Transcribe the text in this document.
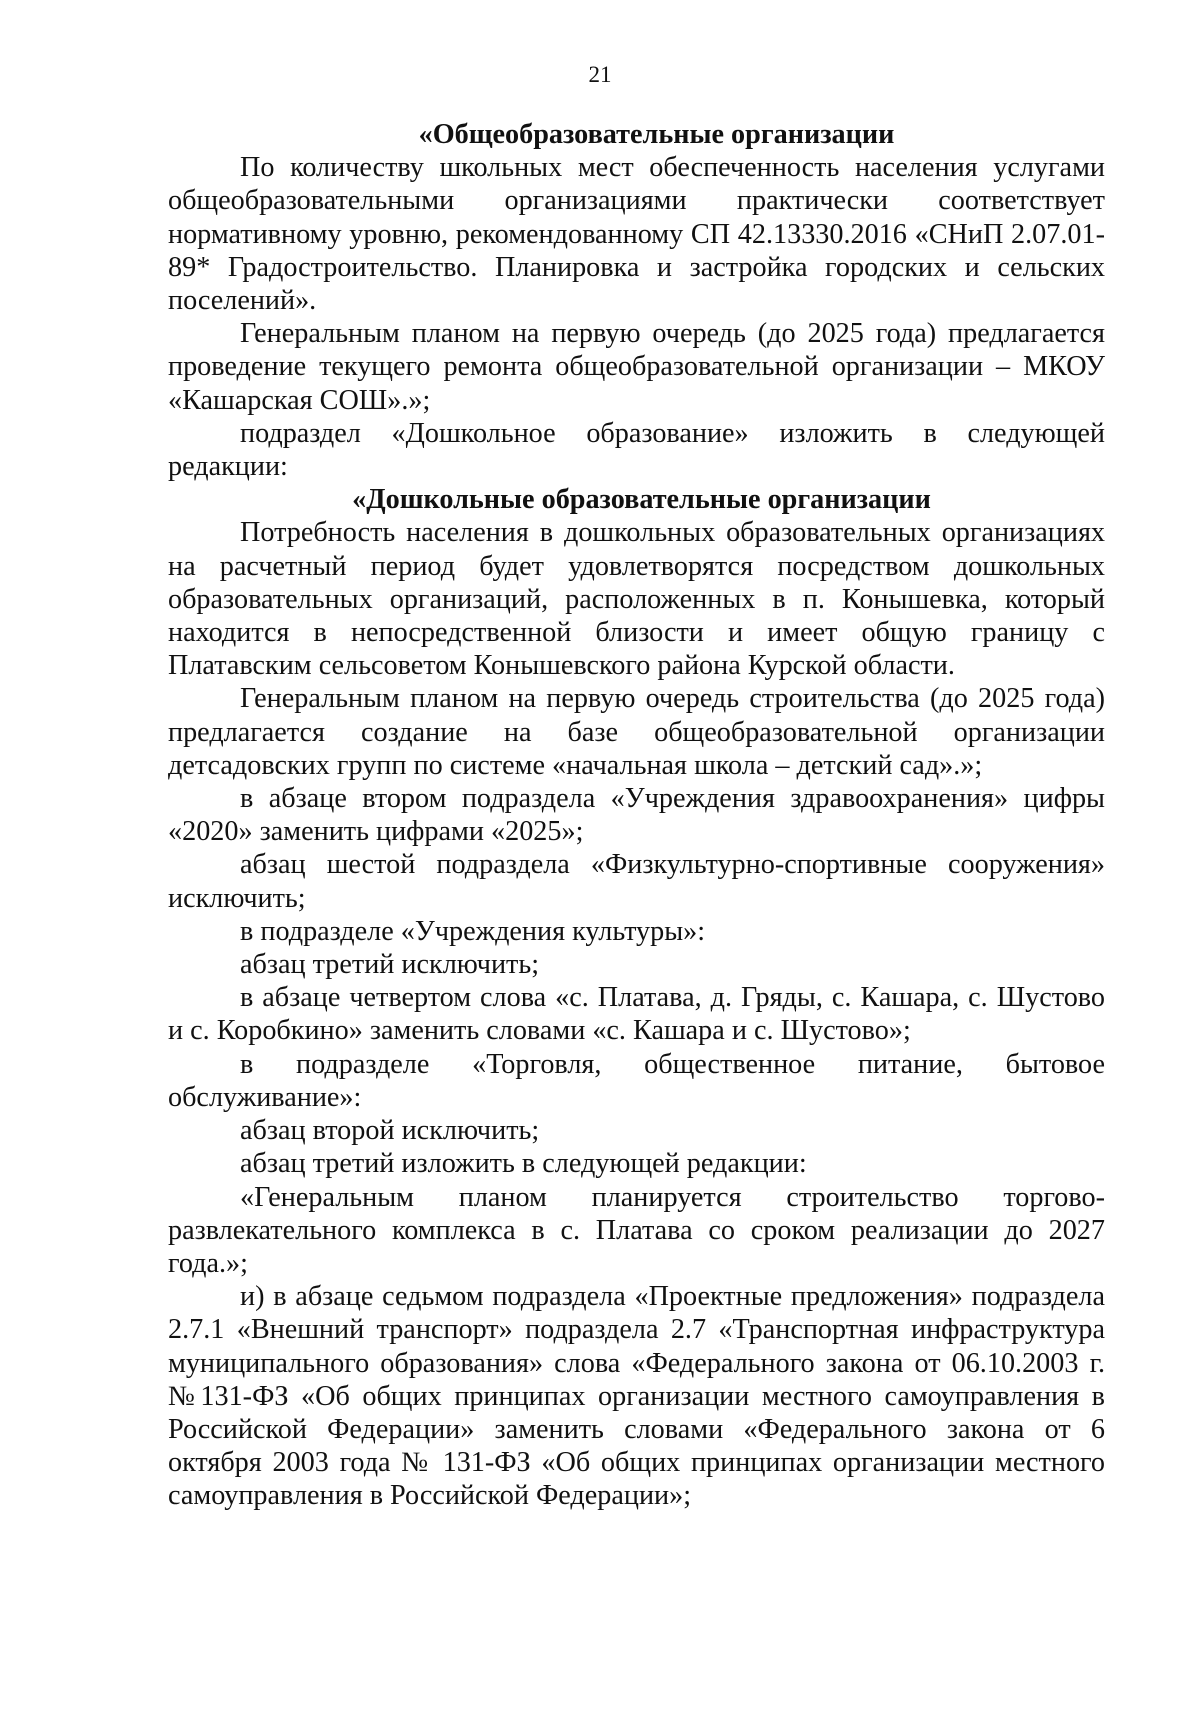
21

«Общеобразовательные организации

По количеству школьных мест обеспеченность населения услугами общеобразовательными организациями практически соответствует нормативному уровню, рекомендованному СП 42.13330.2016 «СНиП 2.07.01-89* Градостроительство. Планировка и застройка городских и сельских поселений».

Генеральным планом на первую очередь (до 2025 года) предлагается проведение текущего ремонта общеобразовательной организации – МКОУ «Кашарская СОШ».»;

подраздел «Дошкольное образование» изложить в следующей редакции:

«Дошкольные образовательные организации

Потребность населения в дошкольных образовательных организациях на расчетный период будет удовлетворятся посредством дошкольных образовательных организаций, расположенных в п. Конышевка, который находится в непосредственной близости и имеет общую границу с Платавским сельсоветом Конышевского района Курской области.

Генеральным планом на первую очередь строительства (до 2025 года) предлагается создание на базе общеобразовательной организации детсадовских групп по системе «начальная школа – детский сад».»;

в абзаце втором подраздела «Учреждения здравоохранения» цифры «2020» заменить цифрами «2025»;

абзац шестой подраздела «Физкультурно-спортивные сооружения» исключить;

в подразделе «Учреждения культуры»:

абзац третий исключить;

в абзаце четвертом слова «с. Платава, д. Гряды, с. Кашара, с. Шустово и с. Коробкино» заменить словами «с. Кашара и с. Шустово»;

в подразделе «Торговля, общественное питание, бытовое обслуживание»:

абзац второй исключить;

абзац третий изложить в следующей редакции:

«Генеральным планом планируется строительство торгово-развлекательного комплекса в с. Платава со сроком реализации до 2027 года.»;

и) в абзаце седьмом подраздела «Проектные предложения» подраздела 2.7.1 «Внешний транспорт» подраздела 2.7 «Транспортная инфраструктура муниципального образования» слова «Федерального закона от 06.10.2003 г. №131-ФЗ «Об общих принципах организации местного самоуправления в Российской Федерации» заменить словами «Федерального закона от 6 октября 2003 года № 131-ФЗ «Об общих принципах организации местного самоуправления в Российской Федерации»;
